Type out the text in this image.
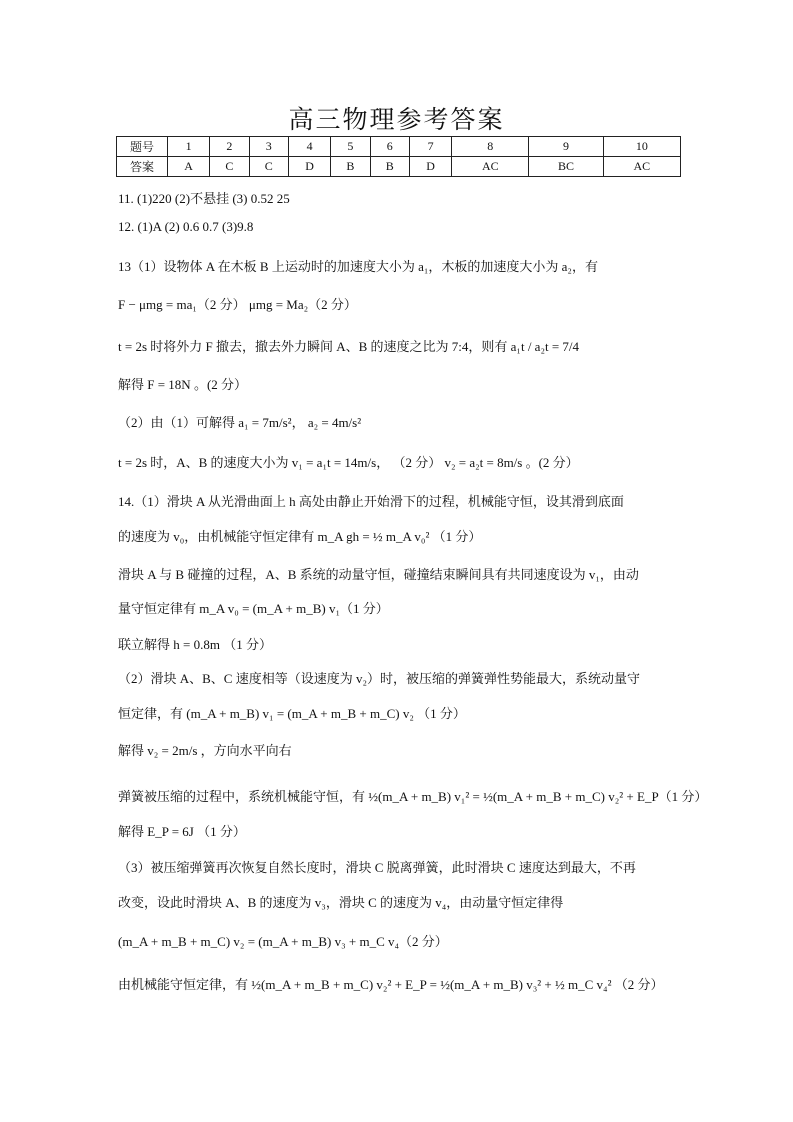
高三物理参考答案
题号	1	2	3	4	5	6	7	8	9	10
答案	A	C	C	D	B	B	D	AC	BC	AC
11. (1)220 (2)不悬挂 (3) 0.52 25
12. (1)A (2) 0.6 0.7 (3)9.8
13（1）设物体 A 在木板 B 上运动时的加速度大小为 a₁，木板的加速度大小为 a₂，有
F − μmg = ma₁（2 分） μmg = Ma₂（2 分）
t = 2s 时将外力 F 撤去，撤去外力瞬间 A、B 的速度之比为 7:4，则有 a₁t / a₂t = 7/4
解得 F = 18N 。(2 分）
（2）由（1）可解得 a₁ = 7m/s²， a₂ = 4m/s²
t = 2s 时，A、B 的速度大小为 v₁ = a₁t = 14m/s， （2 分） v₂ = a₂t = 8m/s 。(2 分）
14.（1）滑块 A 从光滑曲面上 h 高处由静止开始滑下的过程，机械能守恒，设其滑到底面
的速度为 v₀，由机械能守恒定律有 m_A gh = ½ m_A v₀² （1 分）
滑块 A 与 B 碰撞的过程，A、B 系统的动量守恒，碰撞结束瞬间具有共同速度设为 v₁，由动
量守恒定律有 m_A v₀ = (m_A + m_B) v₁（1 分）
联立解得 h = 0.8m （1 分）
（2）滑块 A、B、C 速度相等（设速度为 v₂）时，被压缩的弹簧弹性势能最大，系统动量守
恒定律，有 (m_A + m_B) v₁ = (m_A + m_B + m_C) v₂ （1 分）
解得 v₂ = 2m/s ，方向水平向右
弹簧被压缩的过程中，系统机械能守恒，有 ½(m_A + m_B) v₁² = ½(m_A + m_B + m_C) v₂² + E_P（1 分）
解得 E_P = 6J （1 分）
（3）被压缩弹簧再次恢复自然长度时，滑块 C 脱离弹簧，此时滑块 C 速度达到最大，不再
改变，设此时滑块 A、B 的速度为 v₃，滑块 C 的速度为 v₄，由动量守恒定律得
(m_A + m_B + m_C) v₂ = (m_A + m_B) v₃ + m_C v₄（2 分）
由机械能守恒定律，有 ½(m_A + m_B + m_C) v₂² + E_P = ½(m_A + m_B) v₃² + ½ m_C v₄² （2 分）
